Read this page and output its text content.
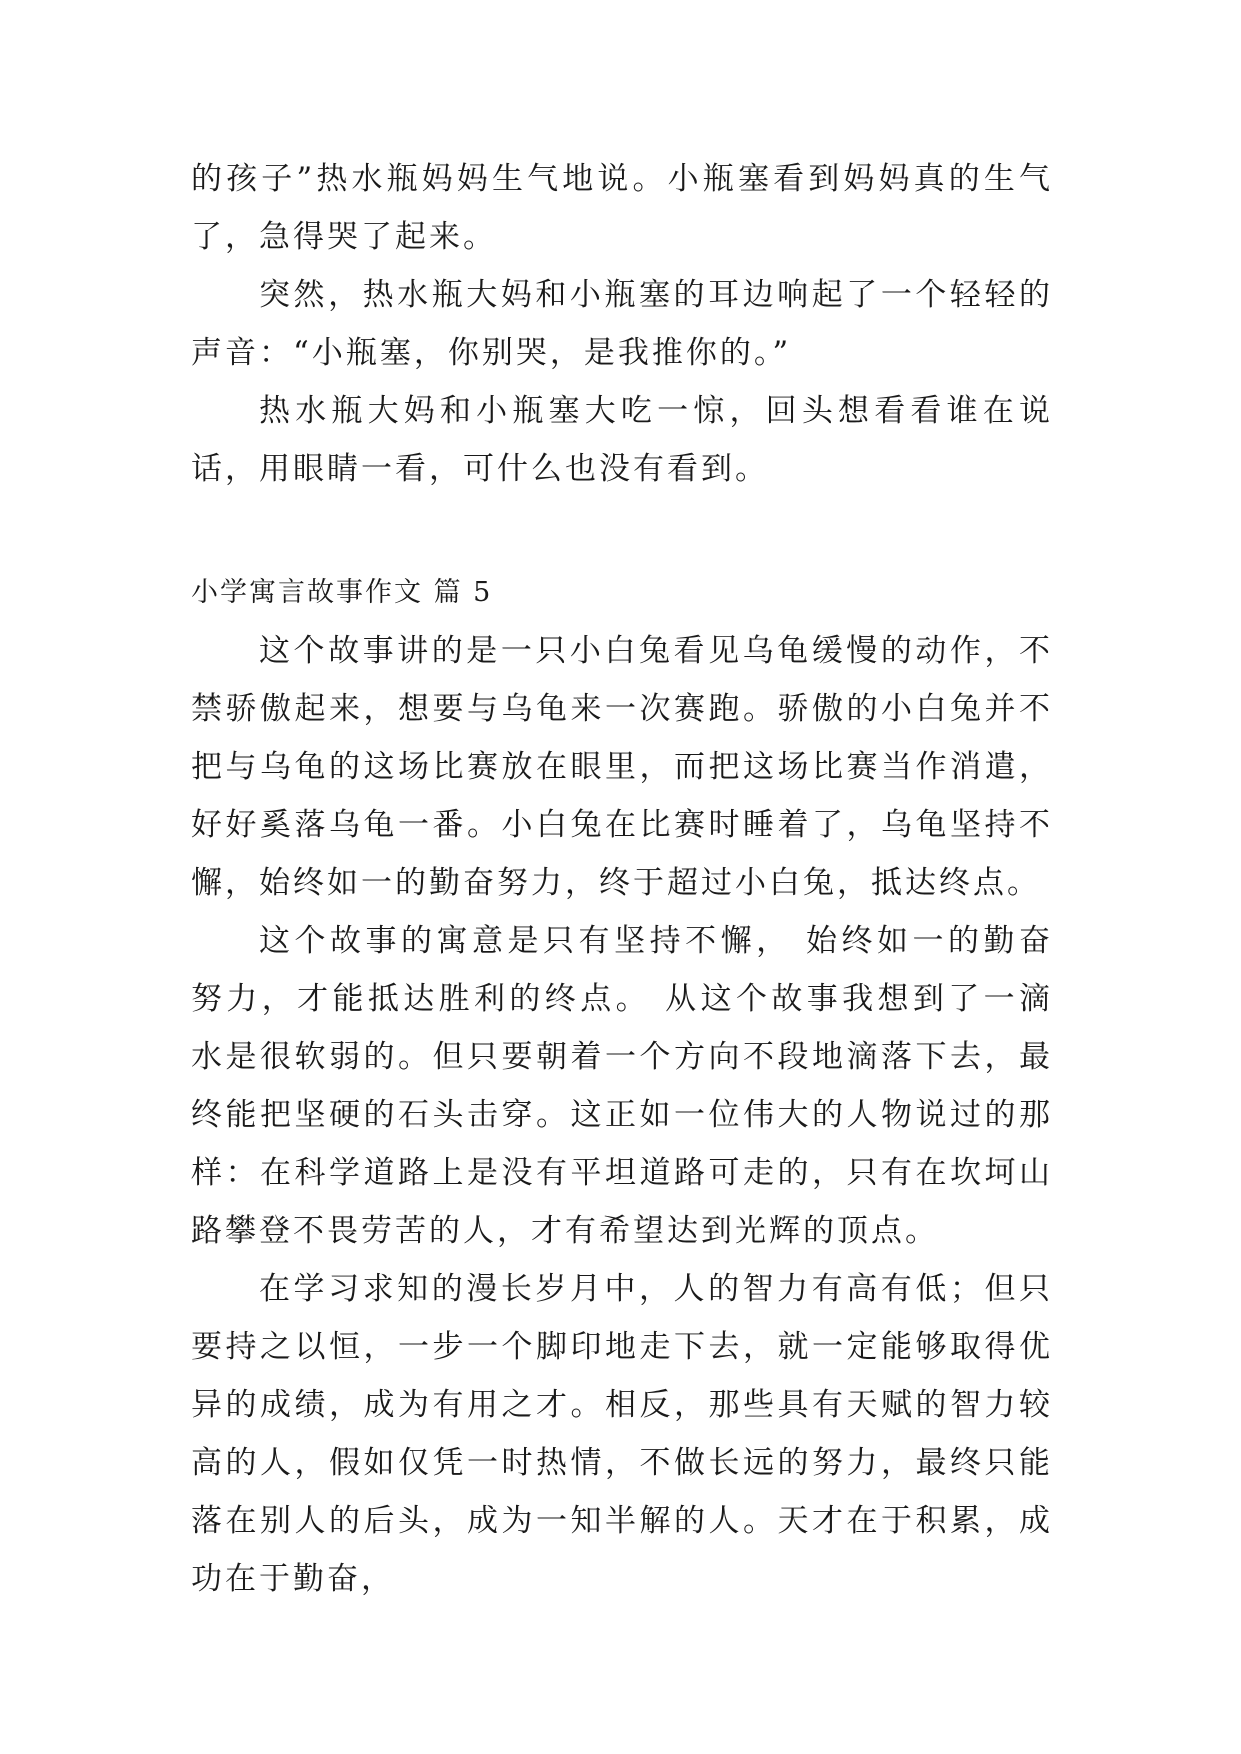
的孩子”热水瓶妈妈生气地说。小瓶塞看到妈妈真的生气了，急得哭了起来。

突然，热水瓶大妈和小瓶塞的耳边响起了一个轻轻的声音：“小瓶塞，你别哭，是我推你的。”

热水瓶大妈和小瓶塞大吃一惊，回头想看看谁在说话，用眼睛一看，可什么也没有看到。

小学寓言故事作文 篇 5

这个故事讲的是一只小白兔看见乌龟缓慢的动作，不禁骄傲起来，想要与乌龟来一次赛跑。骄傲的小白兔并不把与乌龟的这场比赛放在眼里，而把这场比赛当作消遣，好好奚落乌龟一番。小白兔在比赛时睡着了，乌龟坚持不懈，始终如一的勤奋努力，终于超过小白兔，抵达终点。

这个故事的寓意是只有坚持不懈， 始终如一的勤奋努力，才能抵达胜利的终点。 从这个故事我想到了一滴水是很软弱的。但只要朝着一个方向不段地滴落下去，最终能把坚硬的石头击穿。这正如一位伟大的人物说过的那样：在科学道路上是没有平坦道路可走的，只有在坎坷山路攀登不畏劳苦的人，才有希望达到光辉的顶点。

在学习求知的漫长岁月中，人的智力有高有低；但只要持之以恒，一步一个脚印地走下去，就一定能够取得优异的成绩，成为有用之才。相反，那些具有天赋的智力较高的人，假如仅凭一时热情，不做长远的努力，最终只能落在别人的后头，成为一知半解的人。天才在于积累，成功在于勤奋，
